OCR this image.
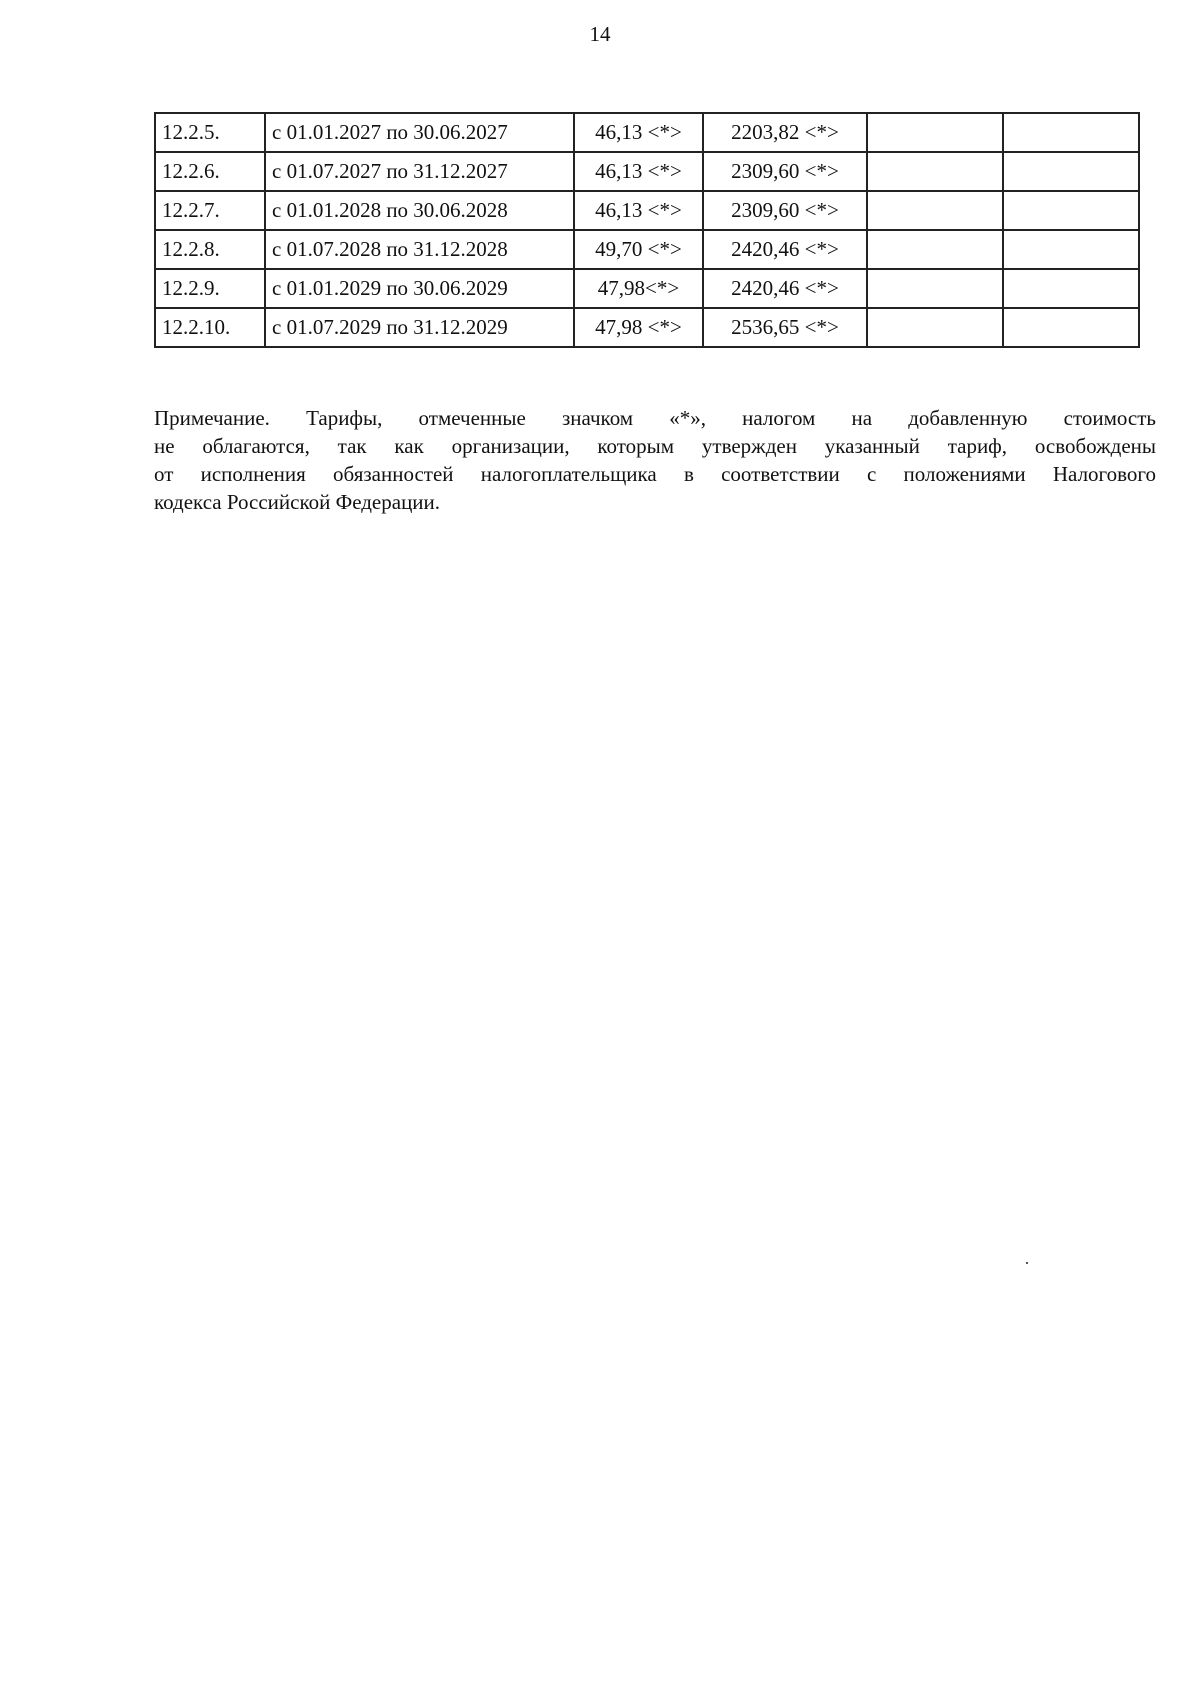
14
12.2.5.	с 01.01.2027 по 30.06.2027	46,13 <*>	2203,82 <*>		
12.2.6.	с 01.07.2027 по 31.12.2027	46,13 <*>	2309,60 <*>		
12.2.7.	с 01.01.2028 по 30.06.2028	46,13 <*>	2309,60 <*>		
12.2.8.	с 01.07.2028 по 31.12.2028	49,70 <*>	2420,46 <*>		
12.2.9.	с 01.01.2029 по 30.06.2029	47,98<*>	2420,46 <*>		
12.2.10.	с 01.07.2029 по 31.12.2029	47,98 <*>	2536,65 <*>		
Примечание. Тарифы, отмеченные значком «*», налогом на добавленную стоимость
не облагаются, так как организации, которым утвержден указанный тариф, освобождены
от исполнения обязанностей налогоплательщика в соответствии с положениями Налогового
кодекса Российской Федерации.
